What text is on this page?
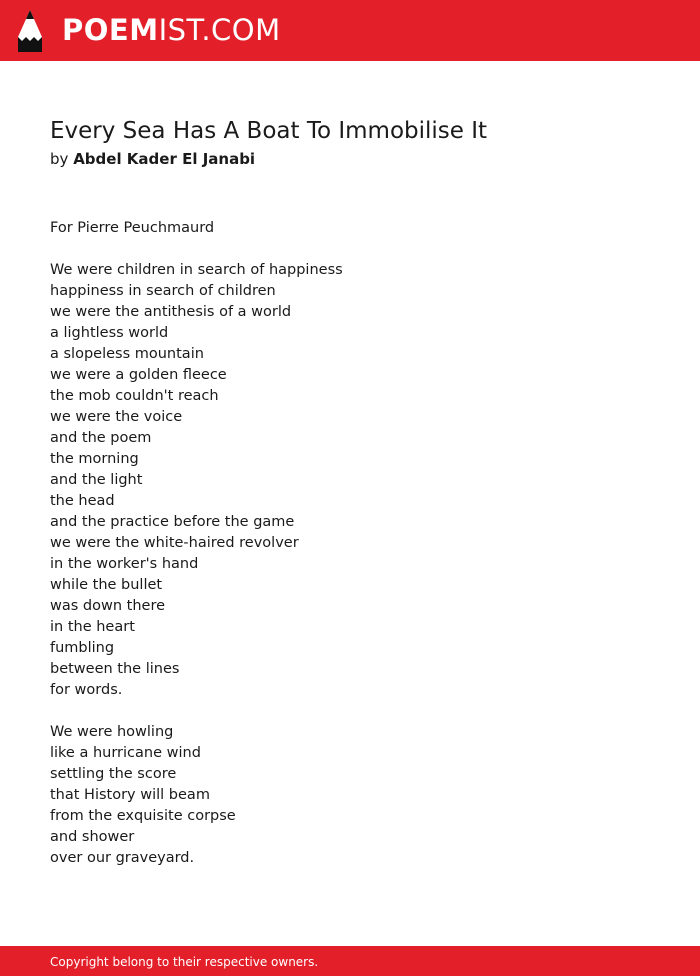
POEMIST.COM
Every Sea Has A Boat To Immobilise It
by Abdel Kader El Janabi
For Pierre Peuchmaurd
We were children in search of happiness
happiness in search of children
we were the antithesis of a world
a lightless world
a slopeless mountain
we were a golden fleece
the mob couldn't reach
we were the voice
and the poem
the morning
and the light
the head
and the practice before the game
we were the white-haired revolver
in the worker's hand
while the bullet
was down there
in the heart
fumbling
between the lines
for words.
We were howling
like a hurricane wind
settling the score
that History will beam
from the exquisite corpse
and shower
over our graveyard.
Copyright belong to their respective owners.
